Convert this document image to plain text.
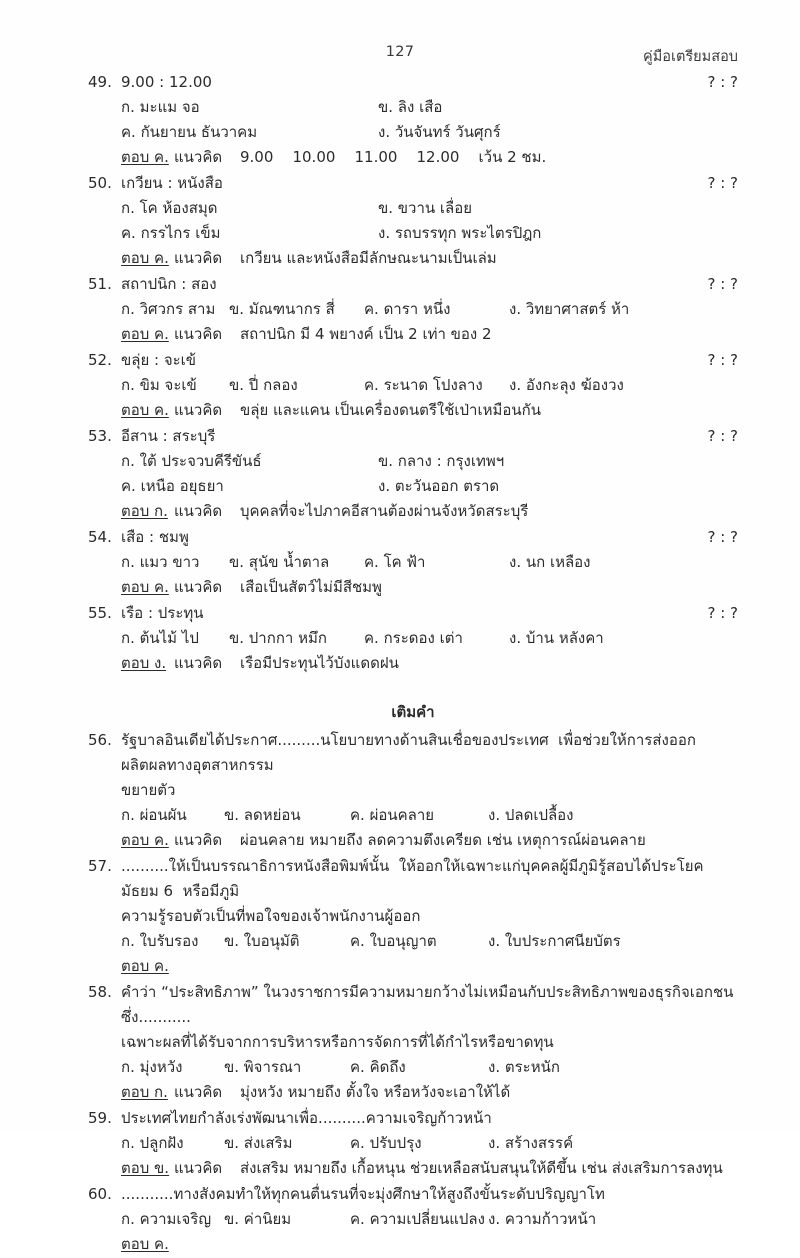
127	คู่มือเตรียมสอบ
49. 9.00 : 12.00	? : ?
ก. มะแม จอ	ข. ลิง เสือ
ค. กันยายน ธันวาคม	ง. วันจันทร์ วันศุกร์
ตอบ ค. แนวคิด 9.00    10.00    11.00    12.00    เว้น 2 ชม.
50. เกวียน : หนังสือ	? : ?
ก. โค ห้องสมุด	ข. ขวาน เลื่อย
ค. กรรไกร เข็ม	ง. รถบรรทุก พระไตรปิฎก
ตอบ ค. แนวคิด เกวียน และหนังสือมีลักษณะนามเป็นเล่ม
51. สถาปนิก : สอง	? : ?
ก. วิศวกร สาม ข. มัณฑนากร สี่ ค. ดารา หนึ่ง	ง. วิทยาศาสตร์ ห้า
ตอบ ค. แนวคิด สถาปนิก มี 4 พยางค์ เป็น 2 เท่า ของ 2
52. ขลุ่ย : จะเข้	? : ?
ก. ขิม จะเข้ ข. ปี่ กลอง	ค. ระนาด โปงลาง ง. อังกะลุง ฆ้องวง
ตอบ ค. แนวคิด ขลุ่ย และแคน เป็นเครื่องดนตรีใช้เป่าเหมือนกัน
53. อีสาน : สระบุรี	? : ?
ก. ใต้ ประจวบคีรีขันธ์	ข. กลาง : กรุงเทพฯ
ค. เหนือ อยุธยา	ง. ตะวันออก ตราด
ตอบ ก. แนวคิด บุคคลที่จะไปภาคอีสานต้องผ่านจังหวัดสระบุรี
54. เสือ : ชมพู	? : ?
ก. แมว ขาว ข. สุนัข น้ำตาล ค. โค ฟ้า	ง. นก เหลือง
ตอบ ค. แนวคิด เสือเป็นสัตว์ไม่มีสีชมพู
55. เรือ : ประทุน	? : ?
ก. ต้นไม้ ไป ข. ปากกา หมึก ค. กระดอง เต่า	ง. บ้าน หลังคา
ตอบ ง. แนวคิด เรือมีประทุนไว้บังแดดฝน
เติมคำ
56. รัฐบาลอินเดียได้ประกาศ.........นโยบายทางด้านสินเชื่อของประเทศ  เพื่อช่วยให้การส่งออกผลิตผลทางอุตสาหกรรม
ขยายตัว
ก. ผ่อนผัน ข. ลดหย่อน	ค. ผ่อนคลาย	ง. ปลดเปลื้อง
ตอบ ค. แนวคิด ผ่อนคลาย หมายถึง ลดความตึงเครียด เช่น เหตุการณ์ผ่อนคลาย
57. ..........ให้เป็นบรรณาธิการหนังสือพิมพ์นั้น  ให้ออกให้เฉพาะแก่บุคคลผู้มีภูมิรู้สอบได้ประโยคมัธยม 6  หรือมีภูมิ
ความรู้รอบตัวเป็นที่พอใจของเจ้าพนักงานผู้ออก
ก. ใบรับรอง ข. ใบอนุมัติ	ค. ใบอนุญาต	ง. ใบประกาศนียบัตร
ตอบ ค.
58. คำว่า “ประสิทธิภาพ” ในวงราชการมีความหมายกว้างไม่เหมือนกับประสิทธิภาพของธุรกิจเอกชน ซึ่ง...........
เฉพาะผลที่ได้รับจากการบริหารหรือการจัดการที่ได้กำไรหรือขาดทุน
ก. มุ่งหวัง	ข. พิจารณา	ค. คิดถึง	ง. ตระหนัก
ตอบ ก. แนวคิด มุ่งหวัง หมายถึง ตั้งใจ หรือหวังจะเอาให้ได้
59. ประเทศไทยกำลังเร่งพัฒนาเพื่อ..........ความเจริญก้าวหน้า
ก. ปลูกฝัง	ข. ส่งเสริม	ค. ปรับปรุง	ง. สร้างสรรค์
ตอบ ข. แนวคิด ส่งเสริม หมายถึง เกื้อหนุน ช่วยเหลือสนับสนุนให้ดีขึ้น เช่น ส่งเสริมการลงทุน
60. ...........ทางสังคมทำให้ทุกคนตื่นรนที่จะมุ่งศึกษาให้สูงถึงขั้นระดับปริญญาโท
ก. ความเจริญ ข. ค่านิยม	ค. ความเปลี่ยนแปลง ง. ความก้าวหน้า
ตอบ ค.
